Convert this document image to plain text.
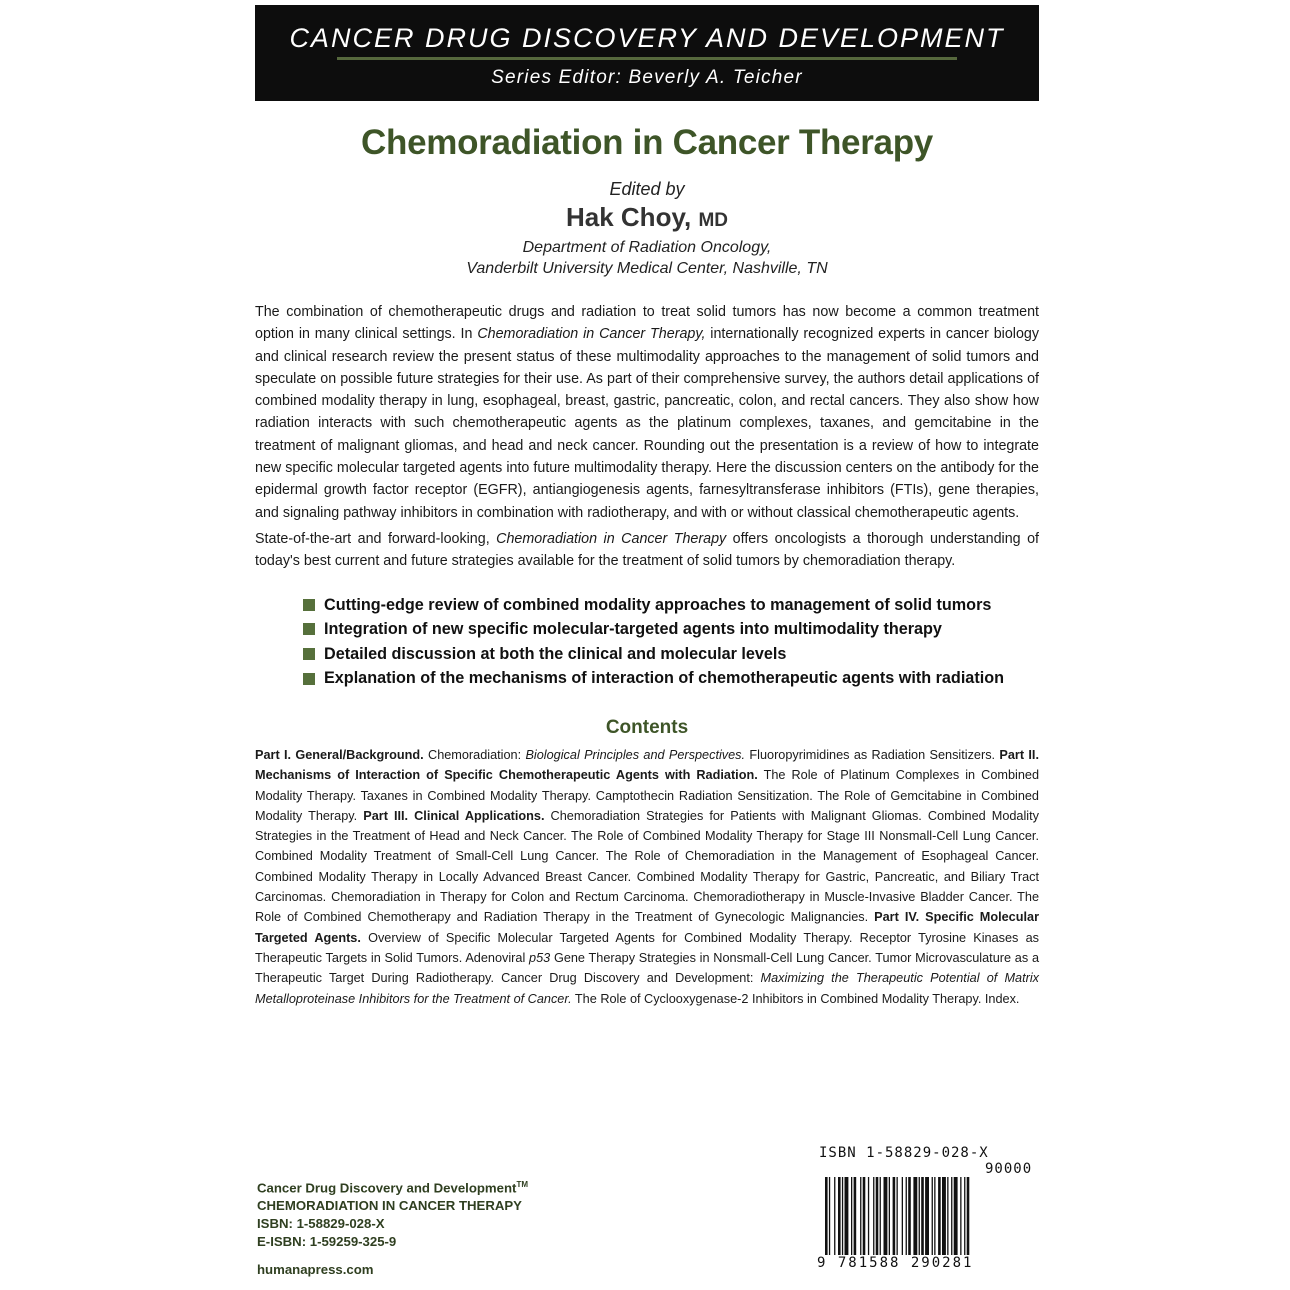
CANCER DRUG DISCOVERY AND DEVELOPMENT
Series Editor: Beverly A. Teicher
Chemoradiation in Cancer Therapy
Edited by
Hak Choy, MD
Department of Radiation Oncology,
Vanderbilt University Medical Center, Nashville, TN

The combination of chemotherapeutic drugs and radiation to treat solid tumors has now become a common treatment option in many clinical settings. In Chemoradiation in Cancer Therapy, internationally recognized experts in cancer biology and clinical research review the present status of these multimodality approaches to the management of solid tumors and speculate on possible future strategies for their use. As part of their comprehensive survey, the authors detail applications of combined modality therapy in lung, esophageal, breast, gastric, pancreatic, colon, and rectal cancers. They also show how radiation interacts with such chemotherapeutic agents as the platinum complexes, taxanes, and gemcitabine in the treatment of malignant gliomas, and head and neck cancer. Rounding out the presentation is a review of how to integrate new specific molecular targeted agents into future multimodality therapy. Here the discussion centers on the antibody for the epidermal growth factor receptor (EGFR), antiangiogenesis agents, farnesyltransferase inhibitors (FTIs), gene therapies, and signaling pathway inhibitors in combination with radiotherapy, and with or without classical chemotherapeutic agents.

State-of-the-art and forward-looking, Chemoradiation in Cancer Therapy offers oncologists a thorough understanding of today's best current and future strategies available for the treatment of solid tumors by chemoradiation therapy.

Cutting-edge review of combined modality approaches to management of solid tumors
Integration of new specific molecular-targeted agents into multimodality therapy
Detailed discussion at both the clinical and molecular levels
Explanation of the mechanisms of interaction of chemotherapeutic agents with radiation
Contents

Part I. General/Background. Chemoradiation: Biological Principles and Perspectives. Fluoropyrimidines as Radiation Sensitizers. Part II. Mechanisms of Interaction of Specific Chemotherapeutic Agents with Radiation. The Role of Platinum Complexes in Combined Modality Therapy. Taxanes in Combined Modality Therapy. Camptothecin Radiation Sensitization. The Role of Gemcitabine in Combined Modality Therapy. Part III. Clinical Applications. Chemoradiation Strategies for Patients with Malignant Gliomas. Combined Modality Strategies in the Treatment of Head and Neck Cancer. The Role of Combined Modality Therapy for Stage III Nonsmall-Cell Lung Cancer. Combined Modality Treatment of Small-Cell Lung Cancer. The Role of Chemoradiation in the Management of Esophageal Cancer. Combined Modality Therapy in Locally Advanced Breast Cancer. Combined Modality Therapy for Gastric, Pancreatic, and Biliary Tract Carcinomas. Chemoradiation in Therapy for Colon and Rectum Carcinoma. Chemoradiotherapy in Muscle-Invasive Bladder Cancer. The Role of Combined Chemotherapy and Radiation Therapy in the Treatment of Gynecologic Malignancies. Part IV. Specific Molecular Targeted Agents. Overview of Specific Molecular Targeted Agents for Combined Modality Therapy. Receptor Tyrosine Kinases as Therapeutic Targets in Solid Tumors. Adenoviral p53 Gene Therapy Strategies in Nonsmall-Cell Lung Cancer. Tumor Microvasculature as a Therapeutic Target During Radiotherapy. Cancer Drug Discovery and Development: Maximizing the Therapeutic Potential of Matrix Metalloproteinase Inhibitors for the Treatment of Cancer. The Role of Cyclooxygenase-2 Inhibitors in Combined Modality Therapy. Index.

Cancer Drug Discovery and Development™
CHEMORADIATION IN CANCER THERAPY
ISBN: 1-58829-028-X
E-ISBN: 1-59259-325-9
humanapress.com
ISBN 1-58829-028-X
90000
9 781588 290281
